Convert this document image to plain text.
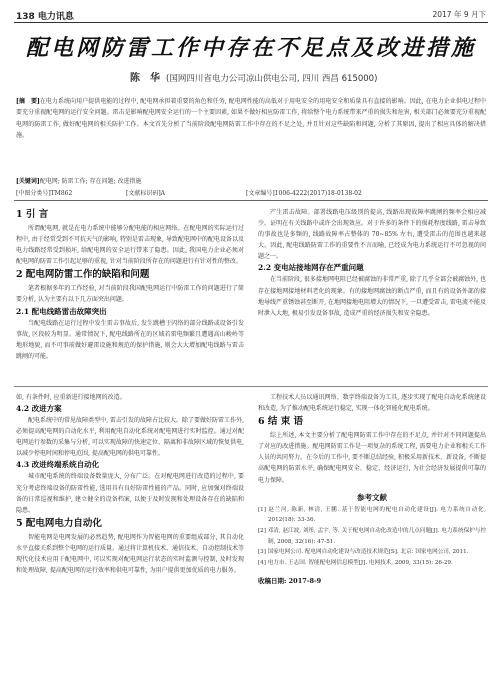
138 电力讯息	2017 年 9 月下
配电网防雷工作中存在不足点及改进措施
陈　华 (国网四川省电力公司凉山供电公司, 四川 西昌 615000)
[摘　要]在电力系统向用户提供电能的过程中, 配电网承担着重要的角色和任务, 配电网性能的高低对于用电安全的用电安全和质量具有直接的影响。因此, 在电力企业供电过程中要充分重视配电网的运行安全问题。雷击是影响配电网安全运行的一个主要因素, 如果不做好相应防雷工作, 将给整个电力系统带来严重的损失和危害, 相关部门必须要充分重视配电网的防雷工作, 做好配电网的相关防护工作。本文首先分析了当前阶段配电网防雷工作中存在的不足之处, 并且针对这些缺陷和问题, 分析了其原因, 提出了相应具体的解决措施。
[关键词]配电网; 防雷工作; 存在问题; 改进措施
[中图分类号]TM862	[文献标识码]A	[文章编号]1006-4222(2017)18-0138-02
1 引 言

所谓配电网, 就是在电力系统中能够分配电能的相应网络。在配电网的实际运行过程中, 由于经常受到不可抗天气的影响, 特别是雷击现象, 导致配电网中的配电设备以及电力线路经常受到损坏, 给配电网的安全运行带来了隐患。因此, 我国电力企业必须对配电网的防雷工作引起足够的重视, 针对当前阶段所存在的问题进行有针对性的整改。

2 配电网防雷工作的缺陷和问题

笔者根据多年的工作经验, 对当前阶段我国配电网运行中防雷工作的问题进行了简要分析, 认为主要有以下几方面突出问题。

2.1 配电线路雷击故障突出

当配电线路在运行过程中发生雷击事故后, 发生跳槽于闪络的部分线路或设备引发事故, 区段较为明显。通常情况下, 配电线路所在的区域若雷电频繁且遭遇高山峻岭等地形地貌, 而不可事前做好避雷设施和规范的保护措施, 则会大大增加配电线路与雷击跳闸的可能。

产生雷击故障。部署线路电压级别的提高, 线路出现故障率跳闸的频率会相应减少。证明在有关线路中或许会出现效应。对于许多的条件下的损耗程度线路, 雷击导致的事故也是多频的, 线路故障率占整体的 70~85% 左右, 遭受雷击的范围也越来越大。因此, 配电线路防雷工作的重要性不言而喻, 已经成为电力系统运行不可忽视的问题之一。

2.2 变电站接地网存在严重问题

在当前阶段, 很多接地网电阻已经被腐蚀的非常严重, 除了几乎全部会被腐蚀外, 也存在接地网接地材料老化的现象。有的接地网腐蚀的断点严重, 而且有的设备外部的接地导线严重锈蚀甚至断开, 在地网接地电阻增大的情况下, 一旦遭受雷击, 雷电流不能及时泄入大地, 极易引发设备事故, 造成严重的经济损失和安全隐患。

如, 有条件时, 应重新进行接地网的改造。

4.2 改进方案

配电系统中的常见故障类型中, 雷击引发的故障占比较大。除了要做好防雷工作外, 必须提高配电网的自动化水平, 利用配电自动化系统对配电网进行实时监控。通过对配电网运行参数的采集与分析, 可以实现故障的快速定位、隔离和非故障区域的恢复供电, 以减少停电时间和停电范围, 提高配电网的供电可靠性。

4.3 改进终端系统自动化

城市配电系统的终端设备数量庞大, 分布广泛。在对配电网进行改造的过程中, 要充分考虑终端设备的防雷性能, 选用具有良好防雷性能的产品。同时, 应加强对终端设备的日常巡视和维护, 建立健全的设备档案, 以便于及时发现和处理设备存在的缺陷和隐患。

5 配电网电力自动化

智能电网是电网发展的必然趋势, 配电网作为智能电网的重要组成部分, 其自动化水平直接关系到整个电网的运行质量。通过将计算机技术、通信技术、自动控制技术等现代化技术应用于配电网中, 可以实现对配电网运行状态的实时监测与控制, 及时发现和处理故障, 提高配电网的运行效率和供电可靠性, 为用户提供更加优质的电力服务。

工程技术人员以通讯网络、数字终端设备为工具, 逐步实现了配电自动化系统建设和改造, 为了推动配电系统运行稳定, 实现一体化智能化配电系统。

6 结 束 语

综上所述, 本文主要分析了配电网防雷工作中存在的不足点, 并针对不同问题提出了对应的改进措施。配电网防雷工作是一项复杂的系统工程, 需要电力企业和相关工作人员的共同努力。在今后的工作中, 要不断总结经验, 积极采用新技术、新设备, 不断提高配电网的防雷水平, 确保配电网安全、稳定、经济运行, 为社会经济发展提供可靠的电力保障。

参考文献

[1] 赵兰河, 陈新, 林清, 王鹏. 基于智能电网的配电自动化建设[J]. 电力系统自动化, 2012(18): 33-36.

[2] 邓清, 赵江波, 刘彤, 孟宇, 等. 关于配电网自动化改造中的几点问题[J]. 电力系统保护与控制, 2008, 32(16): 47-51.

[3] 国家电网公司. 配电网自动化建设与改造技术规范[S]. 北京: 国家电网公司, 2011.

[4] 电力市. 王志国. 智能配电网信息模型[J]. 电网技术, 2009, 33(15): 26-29.

收稿日期: 2017-8-9
